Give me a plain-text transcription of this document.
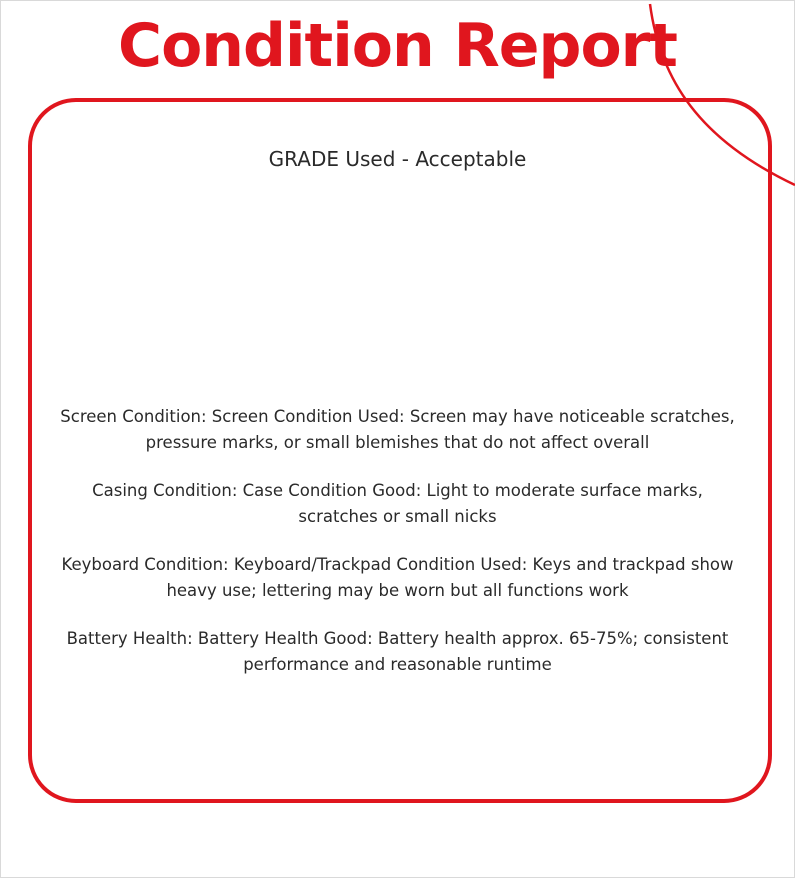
Condition Report

GRADE Used - Acceptable

Screen Condition: Screen Condition Used: Screen may have noticeable scratches, pressure marks, or small blemishes that do not affect overall
Casing Condition: Case Condition Good: Light to moderate surface marks, scratches or small nicks
Keyboard Condition: Keyboard/Trackpad Condition Used: Keys and trackpad show heavy use; lettering may be worn but all functions work
Battery Health: Battery Health Good: Battery health approx. 65-75%; consistent performance and reasonable runtime
